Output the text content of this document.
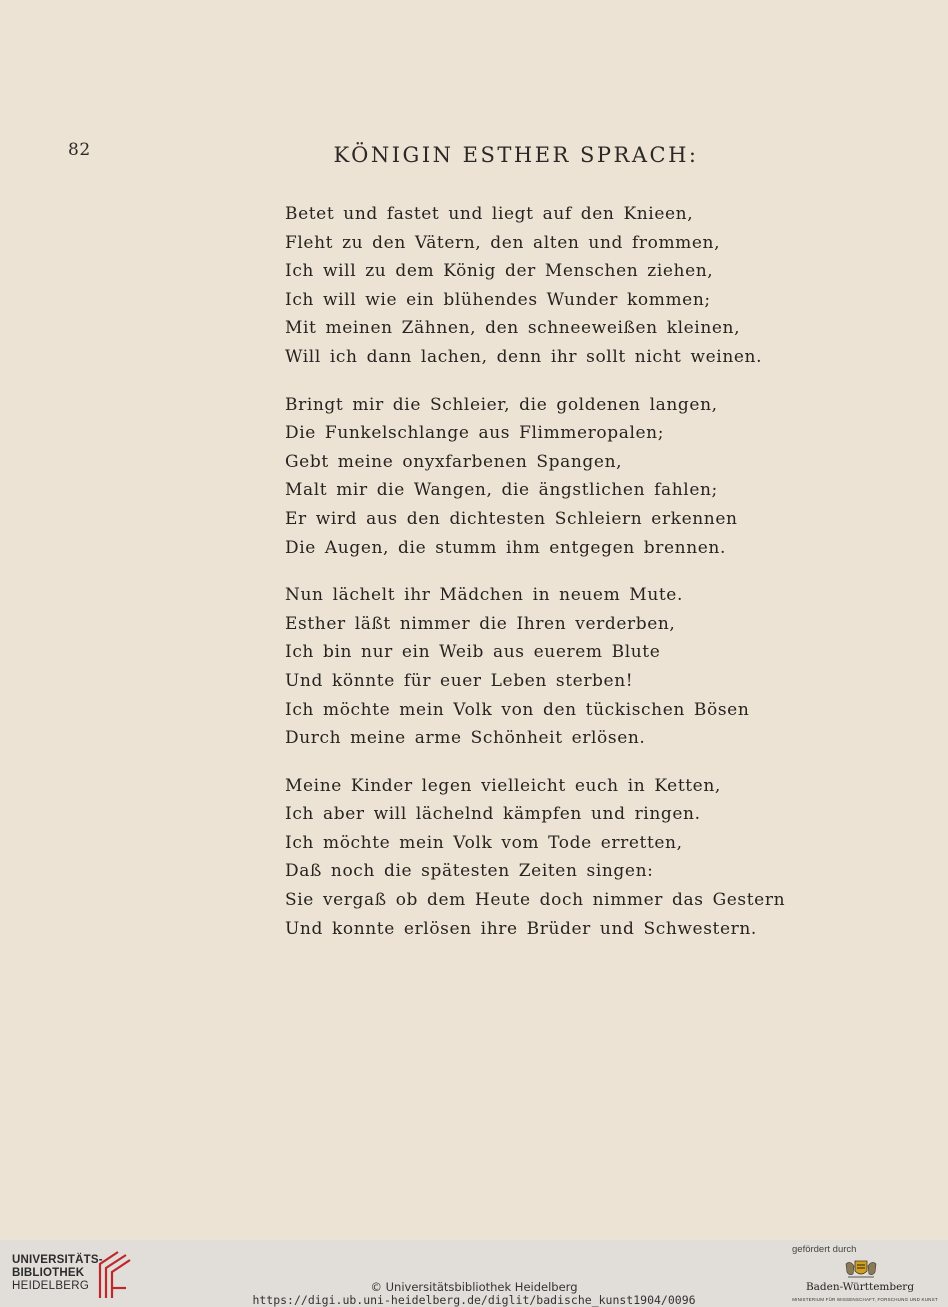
82	KÖNIGIN ESTHER SPRACH:
Betet und fastet und liegt auf den Knieen,
Fleht zu den Vätern, den alten und frommen,
Ich will zu dem König der Menschen ziehen,
Ich will wie ein blühendes Wunder kommen;
Mit meinen Zähnen, den schneeweißen kleinen,
Will ich dann lachen, denn ihr sollt nicht weinen.
Bringt mir die Schleier, die goldenen langen,
Die Funkelschlange aus Flimmeropalen;
Gebt meine onyxfarbenen Spangen,
Malt mir die Wangen, die ängstlichen fahlen;
Er wird aus den dichtesten Schleiern erkennen
Die Augen, die stumm ihm entgegen brennen.
Nun lächelt ihr Mädchen in neuem Mute.
Esther läßt nimmer die Ihren verderben,
Ich bin nur ein Weib aus euerem Blute
Und könnte für euer Leben sterben!
Ich möchte mein Volk von den tückischen Bösen
Durch meine arme Schönheit erlösen.
Meine Kinder legen vielleicht euch in Ketten,
Ich aber will lächelnd kämpfen und ringen.
Ich möchte mein Volk vom Tode erretten,
Daß noch die spätesten Zeiten singen:
Sie vergaß ob dem Heute doch nimmer das Gestern
Und konnte erlösen ihre Brüder und Schwestern.
UNIVERSITÄTS-
BIBLIOTHEK
HEIDELBERG	© Universitätsbibliothek Heidelberg
https://digi.ub.uni-heidelberg.de/diglit/badische_kunst1904/0096
gefördert durch
Baden-Württemberg
MINISTERIUM FÜR WISSENSCHAFT, FORSCHUNG UND KUNST
